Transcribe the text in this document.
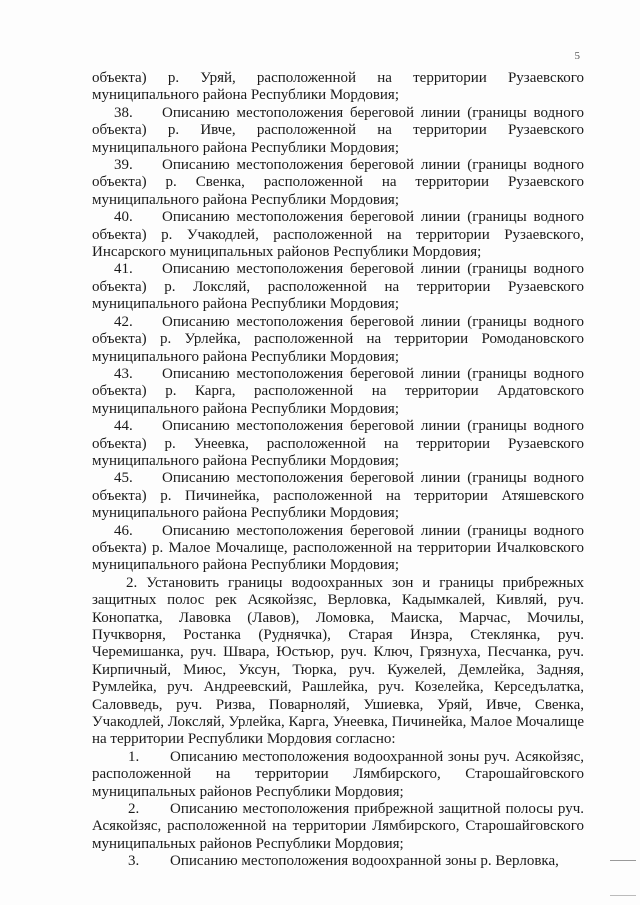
5

объекта) р. Уряй, расположенной на территории Рузаевского муниципального района Республики Мордовия;

38. Описанию местоположения береговой линии (границы водного объекта) р. Ивче, расположенной на территории Рузаевского муниципального района Республики Мордовия;

39. Описанию местоположения береговой линии (границы водного объекта) р. Свенка, расположенной на территории Рузаевского муниципального района Республики Мордовия;

40. Описанию местоположения береговой линии (границы водного объекта) р. Учакодлей, расположенной на территории Рузаевского, Инсарского муниципальных районов Республики Мордовия;

41. Описанию местоположения береговой линии (границы водного объекта) р. Локсляй, расположенной на территории Рузаевского муниципального района Республики Мордовия;

42. Описанию местоположения береговой линии (границы водного объекта) р. Урлейка, расположенной на территории Ромодановского муниципального района Республики Мордовия;

43. Описанию местоположения береговой линии (границы водного объекта) р. Карга, расположенной на территории Ардатовского муниципального района Республики Мордовия;

44. Описанию местоположения береговой линии (границы водного объекта) р. Унеевка, расположенной на территории Рузаевского муниципального района Республики Мордовия;

45. Описанию местоположения береговой линии (границы водного объекта) р. Пичинейка, расположенной на территории Атяшевского муниципального района Республики Мордовия;

46. Описанию местоположения береговой линии (границы водного объекта) р. Малое Мочалище, расположенной на территории Ичалковского муниципального района Республики Мордовия;

2. Установить границы водоохранных зон и границы прибрежных защитных полос рек Асякойзяс, Верловка, Кадымкалей, Кивляй, руч. Конопатка, Лавовка (Лавов), Ломовка, Маиска, Марчас, Мочилы, Пучкворня, Ростанка (Руднячка), Старая Инзра, Стеклянка, руч. Черемишанка, руч. Швара, Юстьюр, руч. Ключ, Грязнуха, Песчанка, руч. Кирпичный, Миюс, Уксун, Тюрка, руч. Кужелей, Демлейка, Задняя, Румлейка, руч. Андреевский, Рашлейка, руч. Козелейка, Керседълатка, Саловведь, руч. Ризва, Поварноляй, Ушиевка, Уряй, Ивче, Свенка, Учакодлей, Локсляй, Урлейка, Карга, Унеевка, Пичинейка, Малое Мочалище на территории Республики Мордовия согласно:

1. Описанию местоположения водоохранной зоны руч. Асякойзяс, расположенной на территории Лямбирского, Старошайговского муниципальных районов Республики Мордовия;

2. Описанию местоположения прибрежной защитной полосы руч. Асякойзяс, расположенной на территории Лямбирского, Старошайговского муниципальных районов Республики Мордовия;

3. Описанию местоположения водоохранной зоны р. Верловка,
